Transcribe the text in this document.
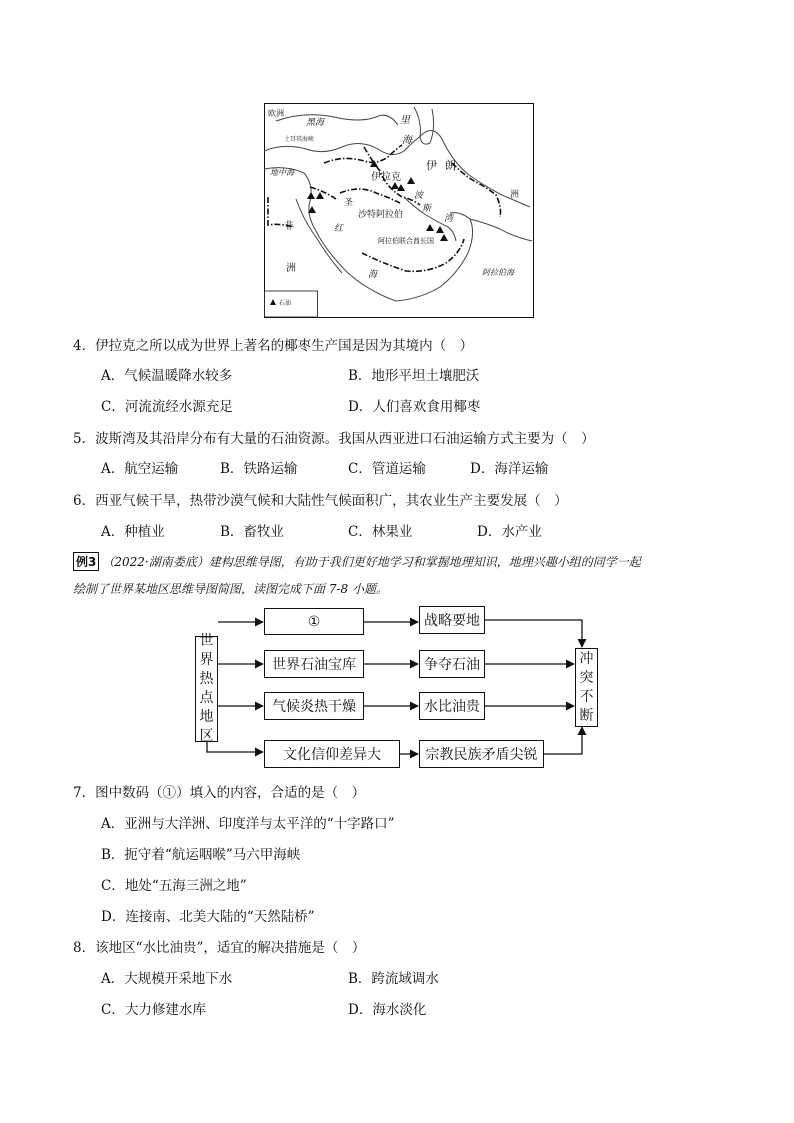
欧洲
黑海	里
海
土耳其海峡
地中海
伊朗
伊拉克
圣
沙特阿拉伯
波
斯
湾
阿拉伯联合酋长国
非
洲
红
海
洲
阿拉伯海
石油
4．伊拉克之所以成为世界上著名的椰枣生产国是因为其境内（　）
A．气候温暖降水较多	B．地形平坦土壤肥沃
C．河流流经水源充足	D．人们喜欢食用椰枣
5．波斯湾及其沿岸分布有大量的石油资源。我国从西亚进口石油运输方式主要为（　）
A．航空运输	B．铁路运输	C．管道运输	D．海洋运输
6．西亚气候干旱，热带沙漠气候和大陆性气候面积广，其农业生产主要发展（　）
A．种植业	B．畜牧业	C．林果业	D．水产业
例3 （2022·湖南娄底）建构思维导图，有助于我们更好地学习和掌握地理知识，地理兴趣小组的同学一起
绘制了世界某地区思维导图简图，读图完成下面 7-8 小题。
世
界
热
点
地
区
①
世界石油宝库
气候炎热干燥
文化信仰差异大
战略要地
争夺石油
水比油贵
宗教民族矛盾尖锐
冲
突
不
断
7．图中数码（①）填入的内容，合适的是（　）
A．亚洲与大洋洲、印度洋与太平洋的“十字路口”
B．扼守着“航运咽喉”马六甲海峡
C．地处“五海三洲之地”
D．连接南、北美大陆的“天然陆桥”
8．该地区“水比油贵”，适宜的解决措施是（　）
A．大规模开采地下水	B．跨流域调水
C．大力修建水库	D．海水淡化
